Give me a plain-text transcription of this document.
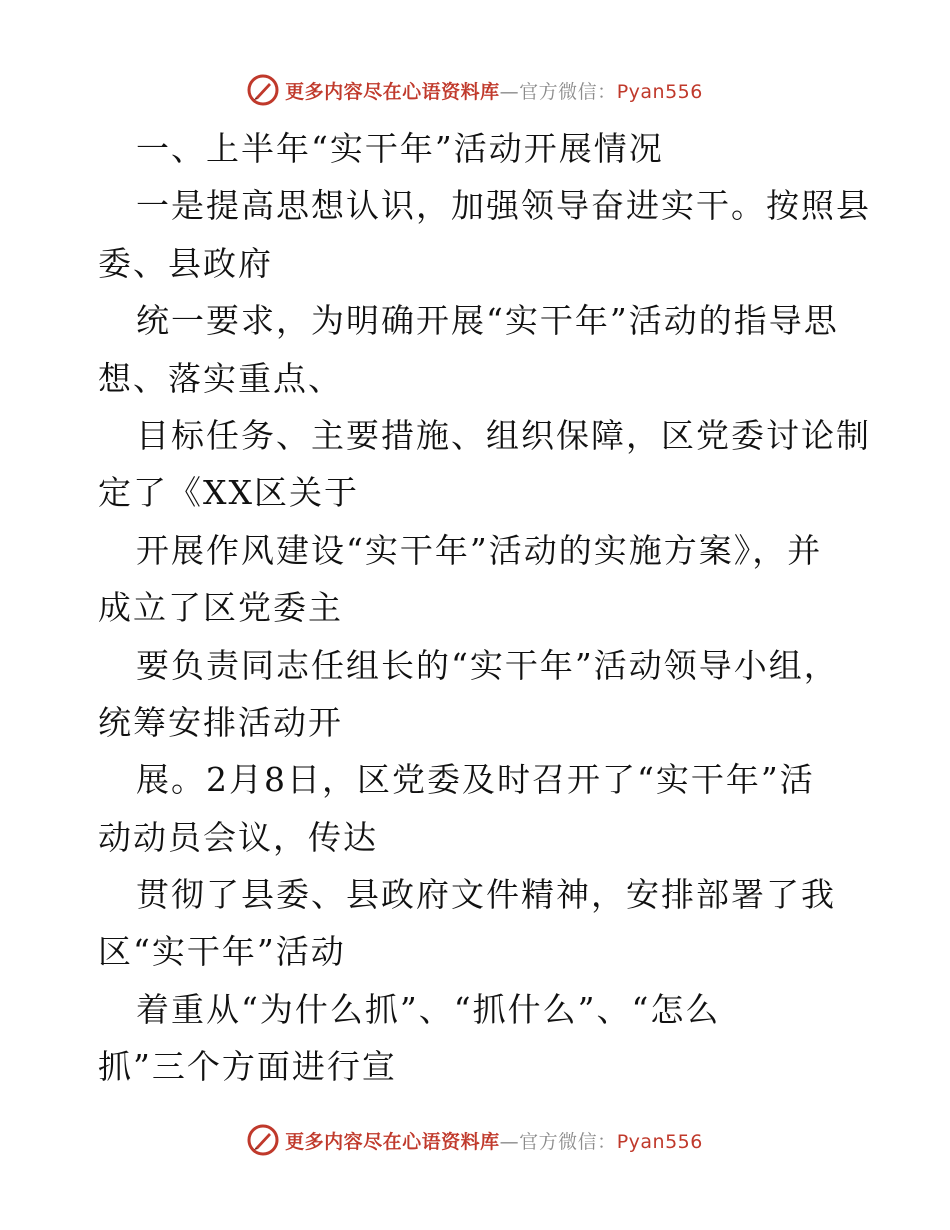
更多内容尽在心语资料库—官方微信：Pyan556
一、上半年“实干年”活动开展情况
一是提高思想认识，加强领导奋进实干。按照县
委、县政府
统一要求，为明确开展“实干年”活动的指导思
想、落实重点、
目标任务、主要措施、组织保障，区党委讨论制
定了《XX区关于
开展作风建设“实干年”活动的实施方案》，并
成立了区党委主
要负责同志任组长的“实干年”活动领导小组，
统筹安排活动开
展。2月8日，区党委及时召开了“实干年”活
动动员会议，传达
贯彻了县委、县政府文件精神，安排部署了我
区“实干年”活动
着重从“为什么抓”、“抓什么”、“怎么
抓”三个方面进行宣
更多内容尽在心语资料库—官方微信：Pyan556
